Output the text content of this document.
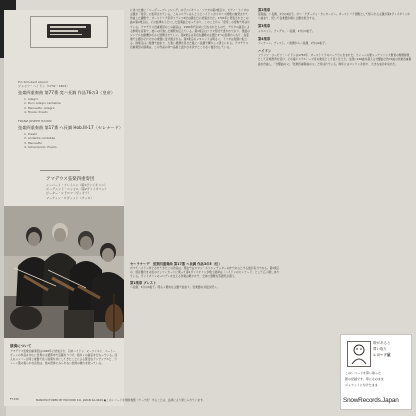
Ein Schubert Abend

ジョセフ・ハイドン（1732〜1809）

弦楽四重奏曲 第77番 変ハ長調 作品76の3〈皇帝〉

1. Allegro
2. Poco adagio cantabile
3. Menuetto: Allegro
4. Finale: Presto

FRANZ JOSEPH HAYDN

弦楽四重奏曲 第17番 ヘ長調 Hob.III-17〈セレナード〉

1. Presto
2. Andante cantabile
3. Menuetto
4. Scherzando. Presto
アマデウス弦楽四重奏団
ノーバート・ブレイニン（第1ヴァイオリン）
ジーグムント・ニッセル（第2ヴァイオリン）
ピーター・シドロフ（ヴィオラ）
マーティン・ロヴェット（チェロ）
演奏について
アマデウス弦楽四重奏団は1948年に結成され、以来ハイドン、モーツァルト、ベートーヴェンの作品を中心に世界の主要都市で活躍をつづけ、数多くの録音を行なっている。四人のメンバーが同じ楽器で長く演奏を共にしてきたことによる緊密なアンサンブルと、ウィーン風の柔らかな音色は、他の団体にみられない独特の魅力を放っている。
に述べた様に「ヘーヴィーブレッシング」のヴァイオリン・ソナタの第2楽章や、ピアノ・トリオの主題が「皇帝」に転用されている。このメロディはもともとハイドンがイギリス国歌に触発されて作曲した讃歌で、オーストリア皇帝フランツ2世の誕生日に初演された。1797年に発表されたこの曲の第2楽章は、その旋律をもとにした変奏曲となっており、このことから「皇帝」の愛称で呼ばれている。アマデウス四重奏団のこの録音は、1980年代初めに行なわれたもので、デジタル録音による鮮明な音質で、彼らの円熟した解釈を伝えている。第1楽章はソナタ形式で書かれており、冒頭のシンプルな動機が巧みに展開されていく。第2楽章は有名な讃歌の主題と4つの変奏からなり、各変奏で主題がそれぞれの楽器に受け渡される。第3楽章のメヌエットは明るく、トリオは短調に転じる。終楽章はハ短調で始まり、力強い展開を見せた後にハ長調で輝かしく閉じられる。アマデウス四重奏団の演奏は、この作品の持つ品格と温かさを余すところなく描き出している。
セーラナーデ　弦楽四重奏曲 第17番 ヘ長調 作品3の5（伝）
かつてハイドン作とされてきたこの作品は、現在ではロマン・ホフシュテッターの作であるとする説が有力である。第2楽章の、弱音器付きの弦のピッツィカートに乗って第1ヴァイオリンが歌う旋律は「ハイドンのセレナード」として広く親しまれている。ヴァイオリンのメロディを支える伴奏は軽やかで、全体に優雅な雰囲気が漂う。
第1楽章 プレスト
ヘ長調、4分の4拍子。明るく軽快な主題で始まり、弦楽器の対話が続く。
第2楽章
変奏曲。ト長調、2分の2拍子。ポコ・アダージョ・カンタービレ。オーストリア国歌として知られる主題が第2ヴァイオリンから始まり、続いて各楽器が順に主題を担当する。
第3楽章
メヌエット。アレグロ。ハ長調、4分の3拍子。
第4楽章
フィナーレ。プレスト。ハ短調からハ長調、2分の2拍子。
ハイドン
フランツ・ヨーゼフ・ハイドンは1732年、オーストリアのローラウに生まれた。ウィーンの聖シュテファン大聖堂の聖歌隊員として音楽教育を受け、その後エステルハージ家の楽長として長く仕えた。生涯に100曲を超える交響曲と約70曲の弦楽四重奏曲を作曲し、「交響曲の父」「弦楽四重奏曲の父」と呼ばれている。晩年にはロンドンを訪れ、大きな成功を収めた。
FT-330	MANUFACTURED BY POLYDOR K.K. JAPAN KA-9409 ●このレコードを無断複製（テープ化）することは、法律により禁じられています。
帯があると
買い取り
レコード屋
このレコードを買い取った
際の記録です。帯にそのまま
ジャケットに付けたまま
SnowRecords.Japan
